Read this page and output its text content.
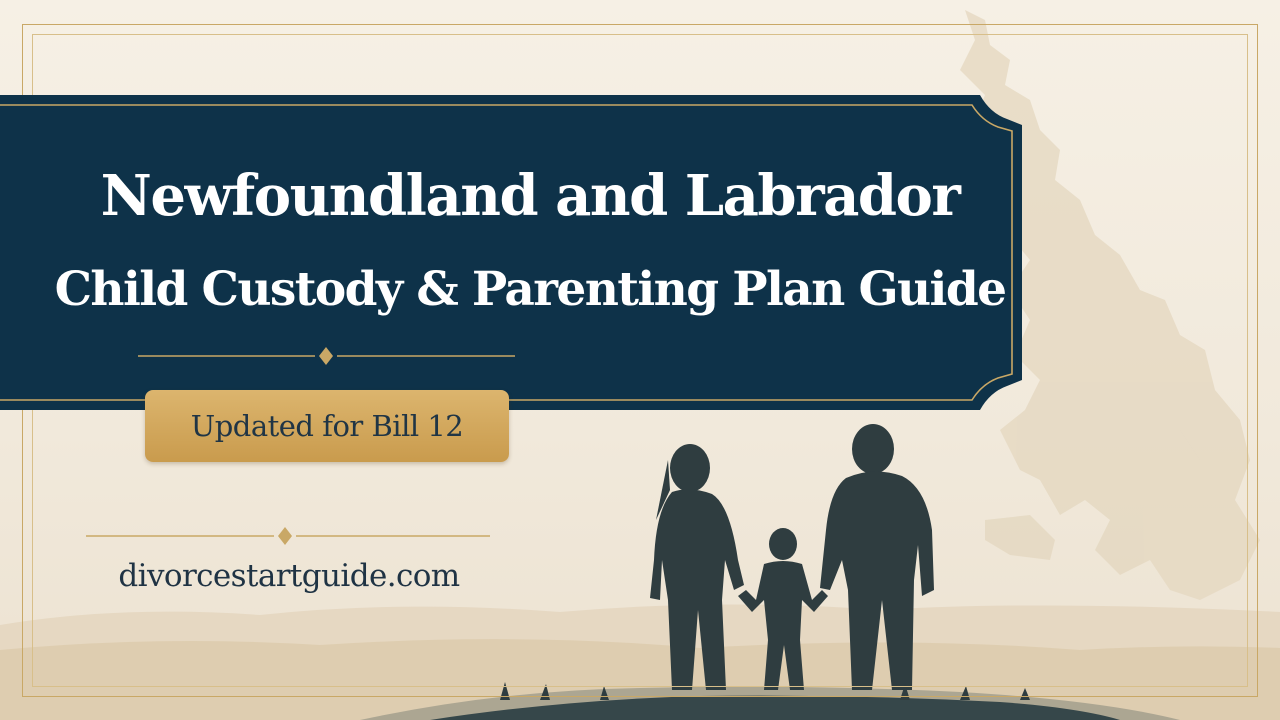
Newfoundland and Labrador
Child Custody & Parenting Plan Guide
Updated for Bill 12
divorcestartguide.com
